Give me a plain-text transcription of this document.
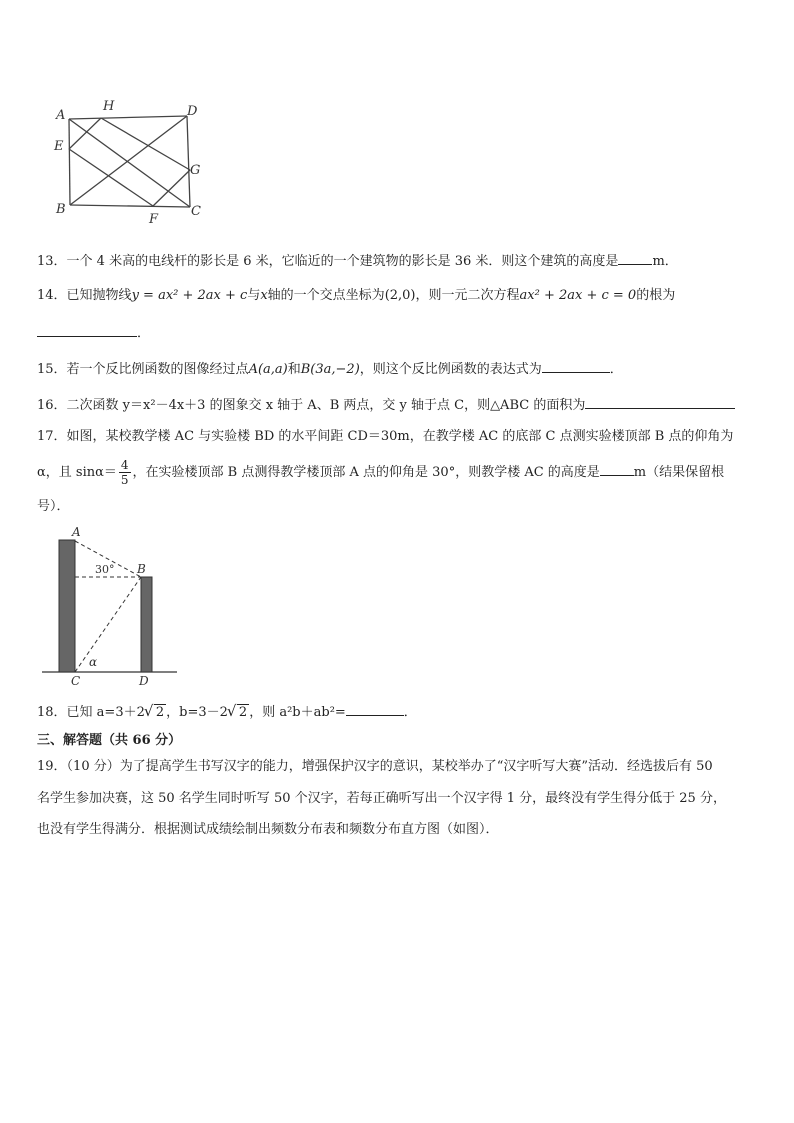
A
H	D
E
G
B
F
C
13．一个 4 米高的电线杆的影长是 6 米，它临近的一个建筑物的影长是 36 米．则这个建筑的高度是	m．
14．已知抛物线y = ax² + 2ax + c与x轴的一个交点坐标为(2,0)，则一元二次方程ax² + 2ax + c = 0的根为
．
15．若一个反比例函数的图像经过点A(a,a)和B(3a,−2)，则这个反比例函数的表达式为	．
16．二次函数 y＝x²－4x＋3 的图象交 x 轴于 A、B 两点，交 y 轴于点 C，则△ABC 的面积为
17．如图，某校教学楼 AC 与实验楼 BD 的水平间距 CD＝30m，在教学楼 AC 的底部 C 点测实验楼顶部 B 点的仰角为
α，且 $\sin\alpha= \frac{4}{5}$ ，在实验楼顶部 B 点测得教学楼顶部 A 点的仰角是 30°，则教学楼 AC 的高度是	m（结果保留根
号）．
A
B
C	D
α
30°
18．已知 a=3＋2 √ 2 ，b=3－2 √ 2 ，则 a²b＋ab²=	．
三、解答题（共 66 分）
19．（10 分）为了提高学生书写汉字的能力，增强保护汉字的意识，某校举办了“汉字听写大赛”活动．经选拔后有 50
名学生参加决赛，这 50 名学生同时听写 50 个汉字，若每正确听写出一个汉字得 1 分，最终没有学生得分低于 25 分，
也没有学生得满分．根据测试成绩绘制出频数分布表和频数分布直方图（如图）．
